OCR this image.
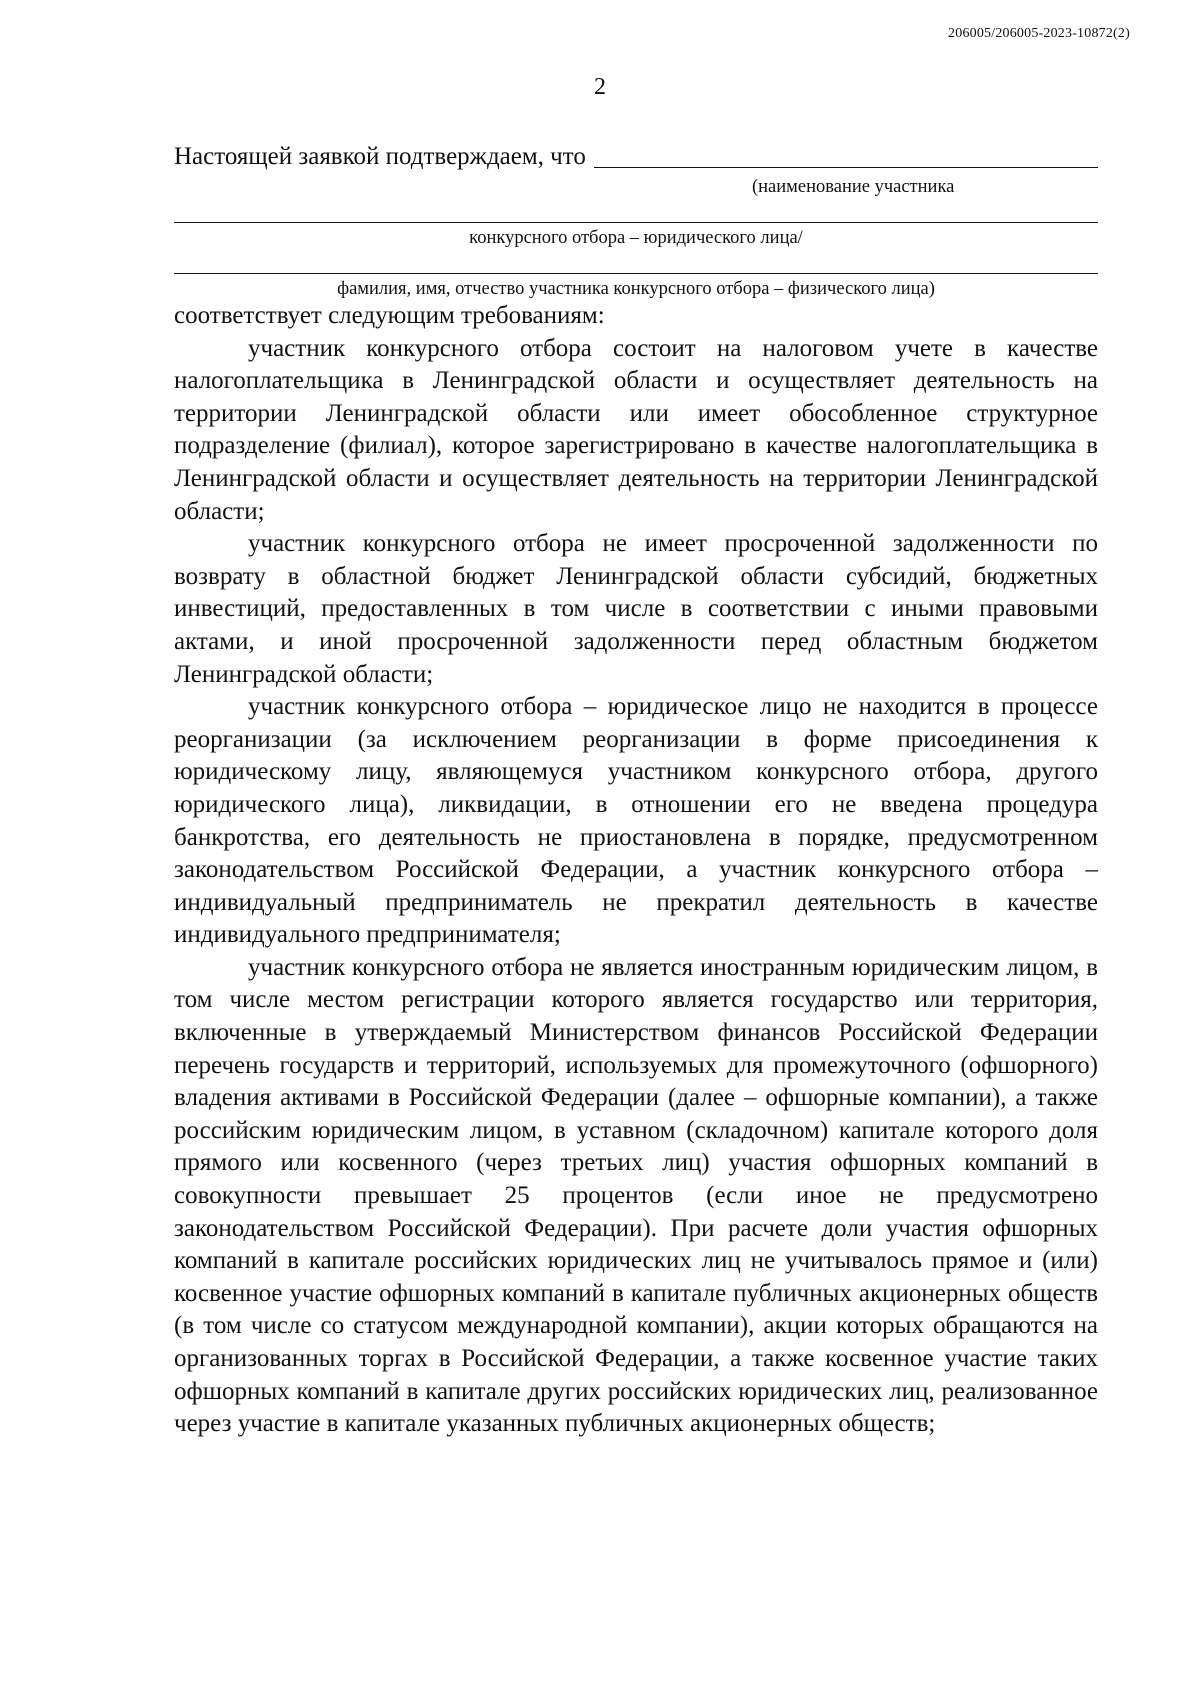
206005/206005-2023-10872(2)
2
Настоящей заявкой подтверждаем, что
(наименование участника
конкурсного отбора – юридического лица/
фамилия, имя, отчество участника конкурсного отбора – физического лица)

соответствует следующим требованиям:

участник конкурсного отбора состоит на налоговом учете в качестве налогоплательщика в Ленинградской области и осуществляет деятельность на территории Ленинградской области или имеет обособленное структурное подразделение (филиал), которое зарегистрировано в качестве налогоплательщика в Ленинградской области и осуществляет деятельность на территории Ленинградской области;

участник конкурсного отбора не имеет просроченной задолженности по возврату в областной бюджет Ленинградской области субсидий, бюджетных инвестиций, предоставленных в том числе в соответствии с иными правовыми актами, и иной просроченной задолженности перед областным бюджетом Ленинградской области;

участник конкурсного отбора – юридическое лицо не находится в процессе реорганизации (за исключением реорганизации в форме присоединения к юридическому лицу, являющемуся участником конкурсного отбора, другого юридического лица), ликвидации, в отношении его не введена процедура банкротства, его деятельность не приостановлена в порядке, предусмотренном законодательством Российской Федерации, а участник конкурсного отбора – индивидуальный предприниматель не прекратил деятельность в качестве индивидуального предпринимателя;

участник конкурсного отбора не является иностранным юридическим лицом, в том числе местом регистрации которого является государство или территория, включенные в утверждаемый Министерством финансов Российской Федерации перечень государств и территорий, используемых для промежуточного (офшорного) владения активами в Российской Федерации (далее – офшорные компании), а также российским юридическим лицом, в уставном (складочном) капитале которого доля прямого или косвенного (через третьих лиц) участия офшорных компаний в совокупности превышает 25 процентов (если иное не предусмотрено законодательством Российской Федерации). При расчете доли участия офшорных компаний в капитале российских юридических лиц не учитывалось прямое и (или) косвенное участие офшорных компаний в капитале публичных акционерных обществ (в том числе со статусом международной компании), акции которых обращаются на организованных торгах в Российской Федерации, а также косвенное участие таких офшорных компаний в капитале других российских юридических лиц, реализованное через участие в капитале указанных публичных акционерных обществ;
